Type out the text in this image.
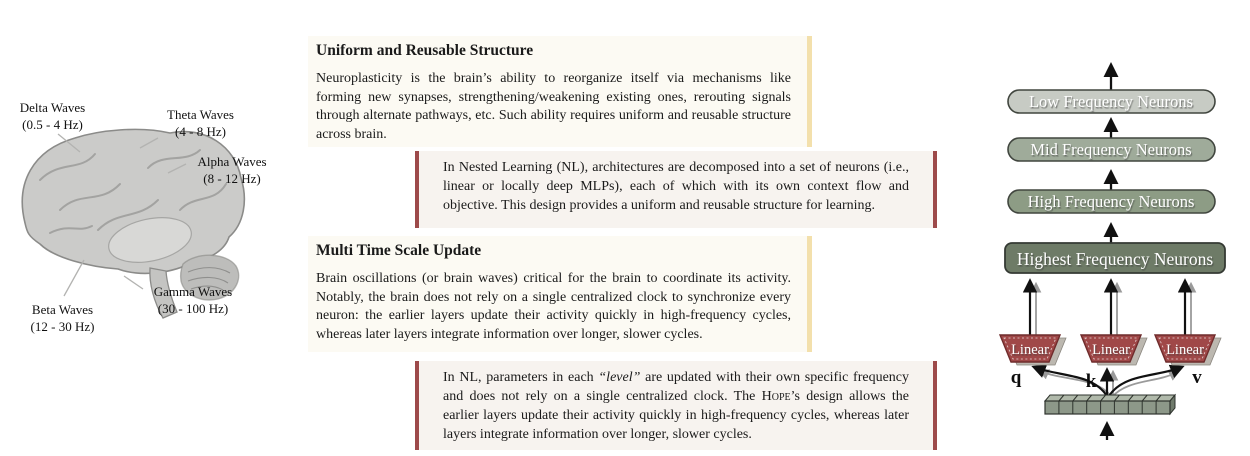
Delta Waves
(0.5 - 4 Hz)
Theta Waves
(4 - 8 Hz)
Alpha Waves
(8 - 12 Hz)
Gamma Waves
(30 - 100 Hz)
Beta Waves
(12 - 30 Hz)
Uniform and Reusable Structure

Neuroplasticity is the brain’s ability to reorganize itself via mechanisms like forming new synapses, strengthening/weakening existing ones, rerouting signals through alternate pathways, etc. Such ability requires uniform and reusable structure across brain.

In Nested Learning (NL), architectures are decomposed into a set of neurons (i.e., linear or locally deep MLPs), each of which with its own context flow and objective. This design provides a uniform and reusable structure for learning.

Multi Time Scale Update

Brain oscillations (or brain waves) critical for the brain to coordinate its activity. Notably, the brain does not rely on a single centralized clock to synchronize every neuron: the earlier layers update their activity quickly in high-frequency cycles, whereas later layers integrate information over longer, slower cycles.

In NL, parameters in each “level” are updated with their own specific frequency and does not rely on a single centralized clock. The Hope’s design allows the earlier layers update their activity quickly in high-frequency cycles, whereas later layers integrate information over longer, slower cycles.

Low Frequency Neurons
Mid Frequency Neurons
High Frequency Neurons
Highest Frequency Neurons
Linear	Linear Linear
q	k	v
